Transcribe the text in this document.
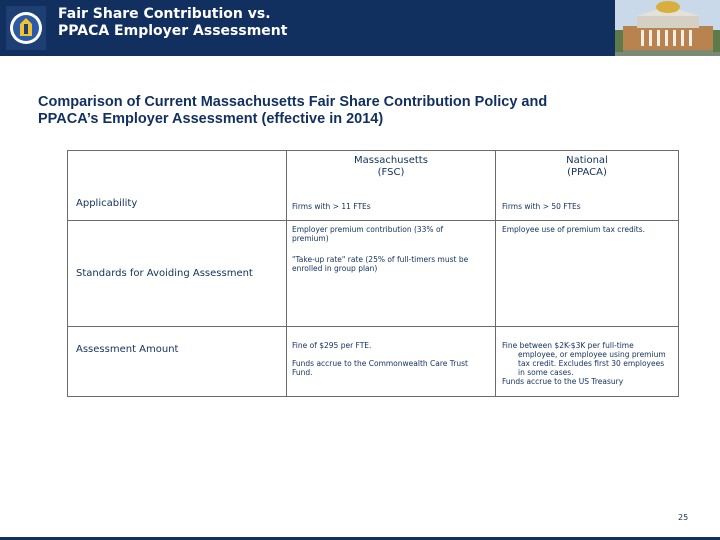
Fair Share Contribution vs.
PPACA Employer Assessment
Comparison of Current Massachusetts Fair Share Contribution Policy and
PPACA’s Employer Assessment (effective in 2014)
Massachusetts
(FSC)
National
(PPACA)
Applicability
Standards for Avoiding Assessment
Assessment Amount

Firms with > 11 FTEs	Firms with > 50 FTEs

Employer premium contribution (33% of premium)

"Take-up rate" rate (25% of full-timers must be enrolled in group plan)

Employee use of premium tax credits.

Fine of $295 per FTE.

Funds accrue to the Commonwealth Care Trust Fund.

Fine between $2K-$3K per full-time employee, or employee using premium tax credit. Excludes first 30 employees in some cases.

Funds accrue to the US Treasury

25
